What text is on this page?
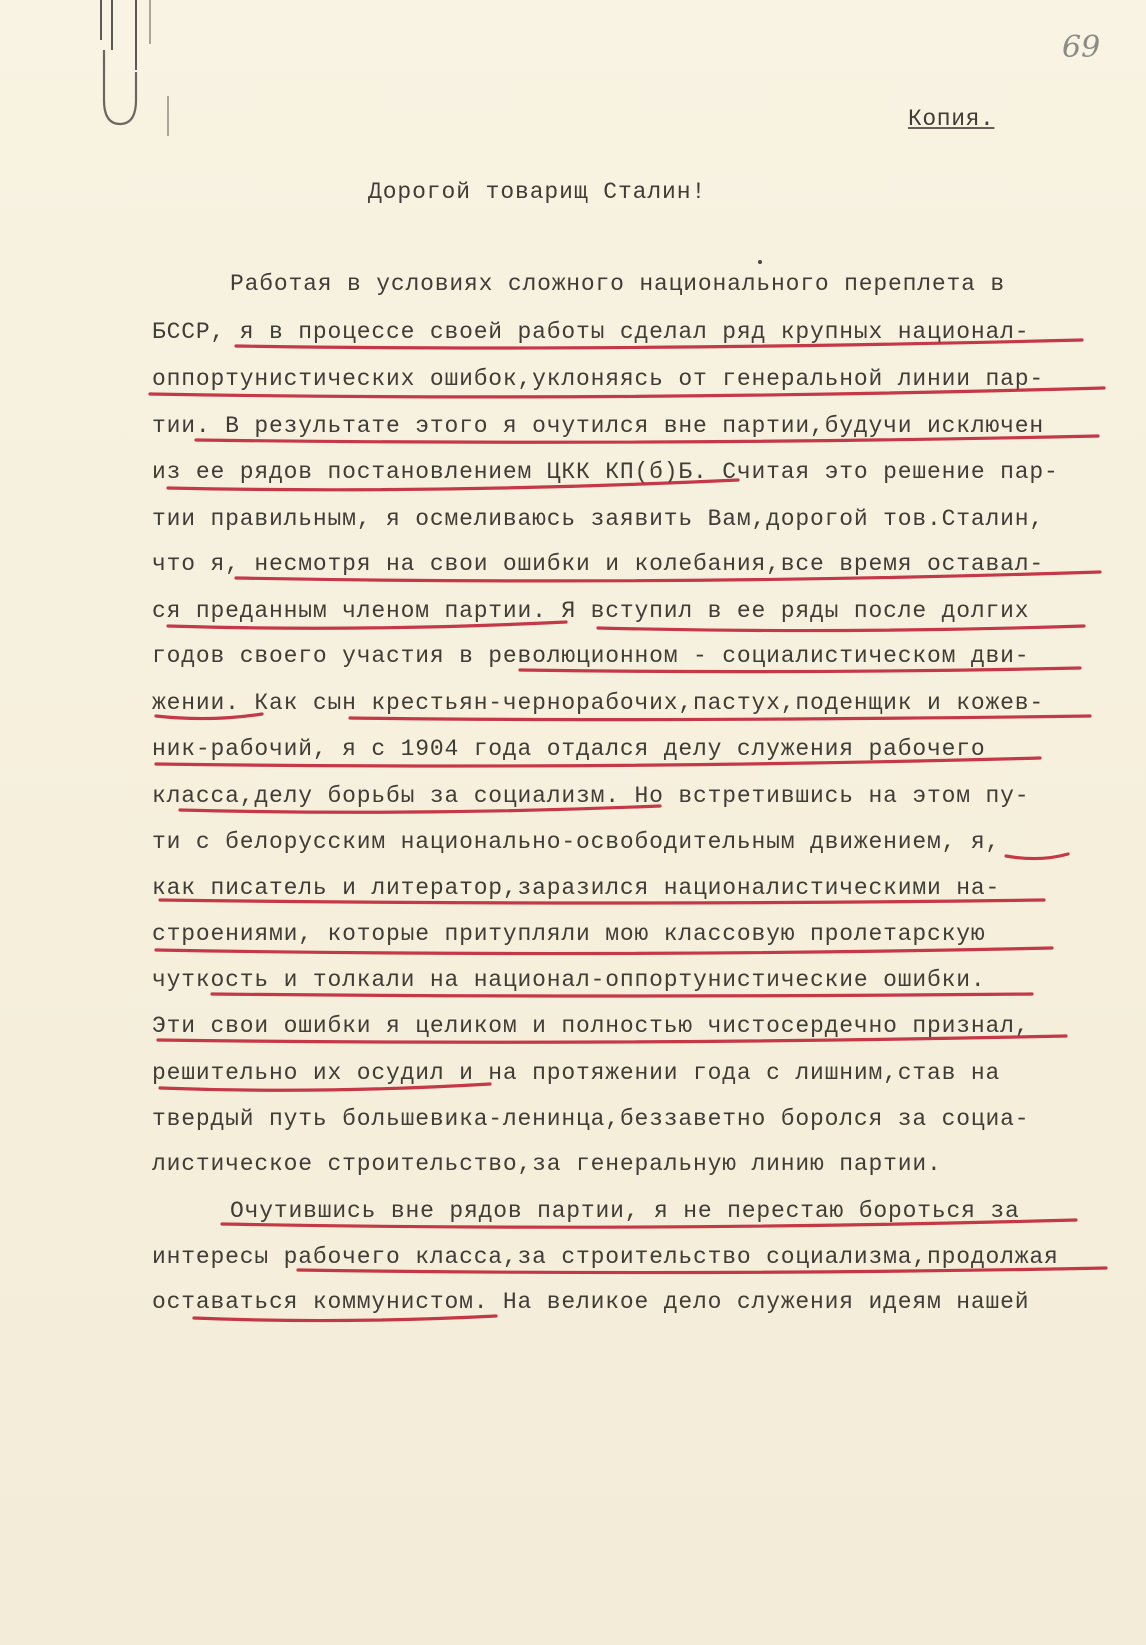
69
Копия.
Дорогой товарищ Сталин!
Работая в условиях сложного национального переплета в
БССР, я в процессе своей работы сделал ряд крупных национал-
оппортунистических ошибок,уклоняясь от генеральной линии пар-
тии. В результате этого я очутился вне партии,будучи исключен
из ее рядов постановлением ЦКК КП(б)Б. Считая это решение пар-
тии правильным, я осмеливаюсь заявить Вам,дорогой тов.Сталин,
что я, несмотря на свои ошибки и колебания,все время оставал-
ся преданным членом партии. Я вступил в ее ряды после долгих
годов своего участия в революционном - социалистическом дви-
жении. Как сын крестьян-чернорабочих,пастух,поденщик и кожев-
ник-рабочий, я с 1904 года отдался делу служения рабочего
класса,делу борьбы за социализм. Но встретившись на этом пу-
ти с белорусским национально-освободительным движением, я,
как писатель и литератор,заразился националистическими на-
строениями, которые притупляли мою классовую пролетарскую
чуткость и толкали на национал-оппортунистические ошибки.
Эти свои ошибки я целиком и полностью чистосердечно признал,
решительно их осудил и на протяжении года с лишним,став на
твердый путь большевика-ленинца,беззаветно боролся за социа-
листическое строительство,за генеральную линию партии.
Очутившись вне рядов партии, я не перестаю бороться за
интересы рабочего класса,за строительство социализма,продолжая
оставаться коммунистом. На великое дело служения идеям нашей
